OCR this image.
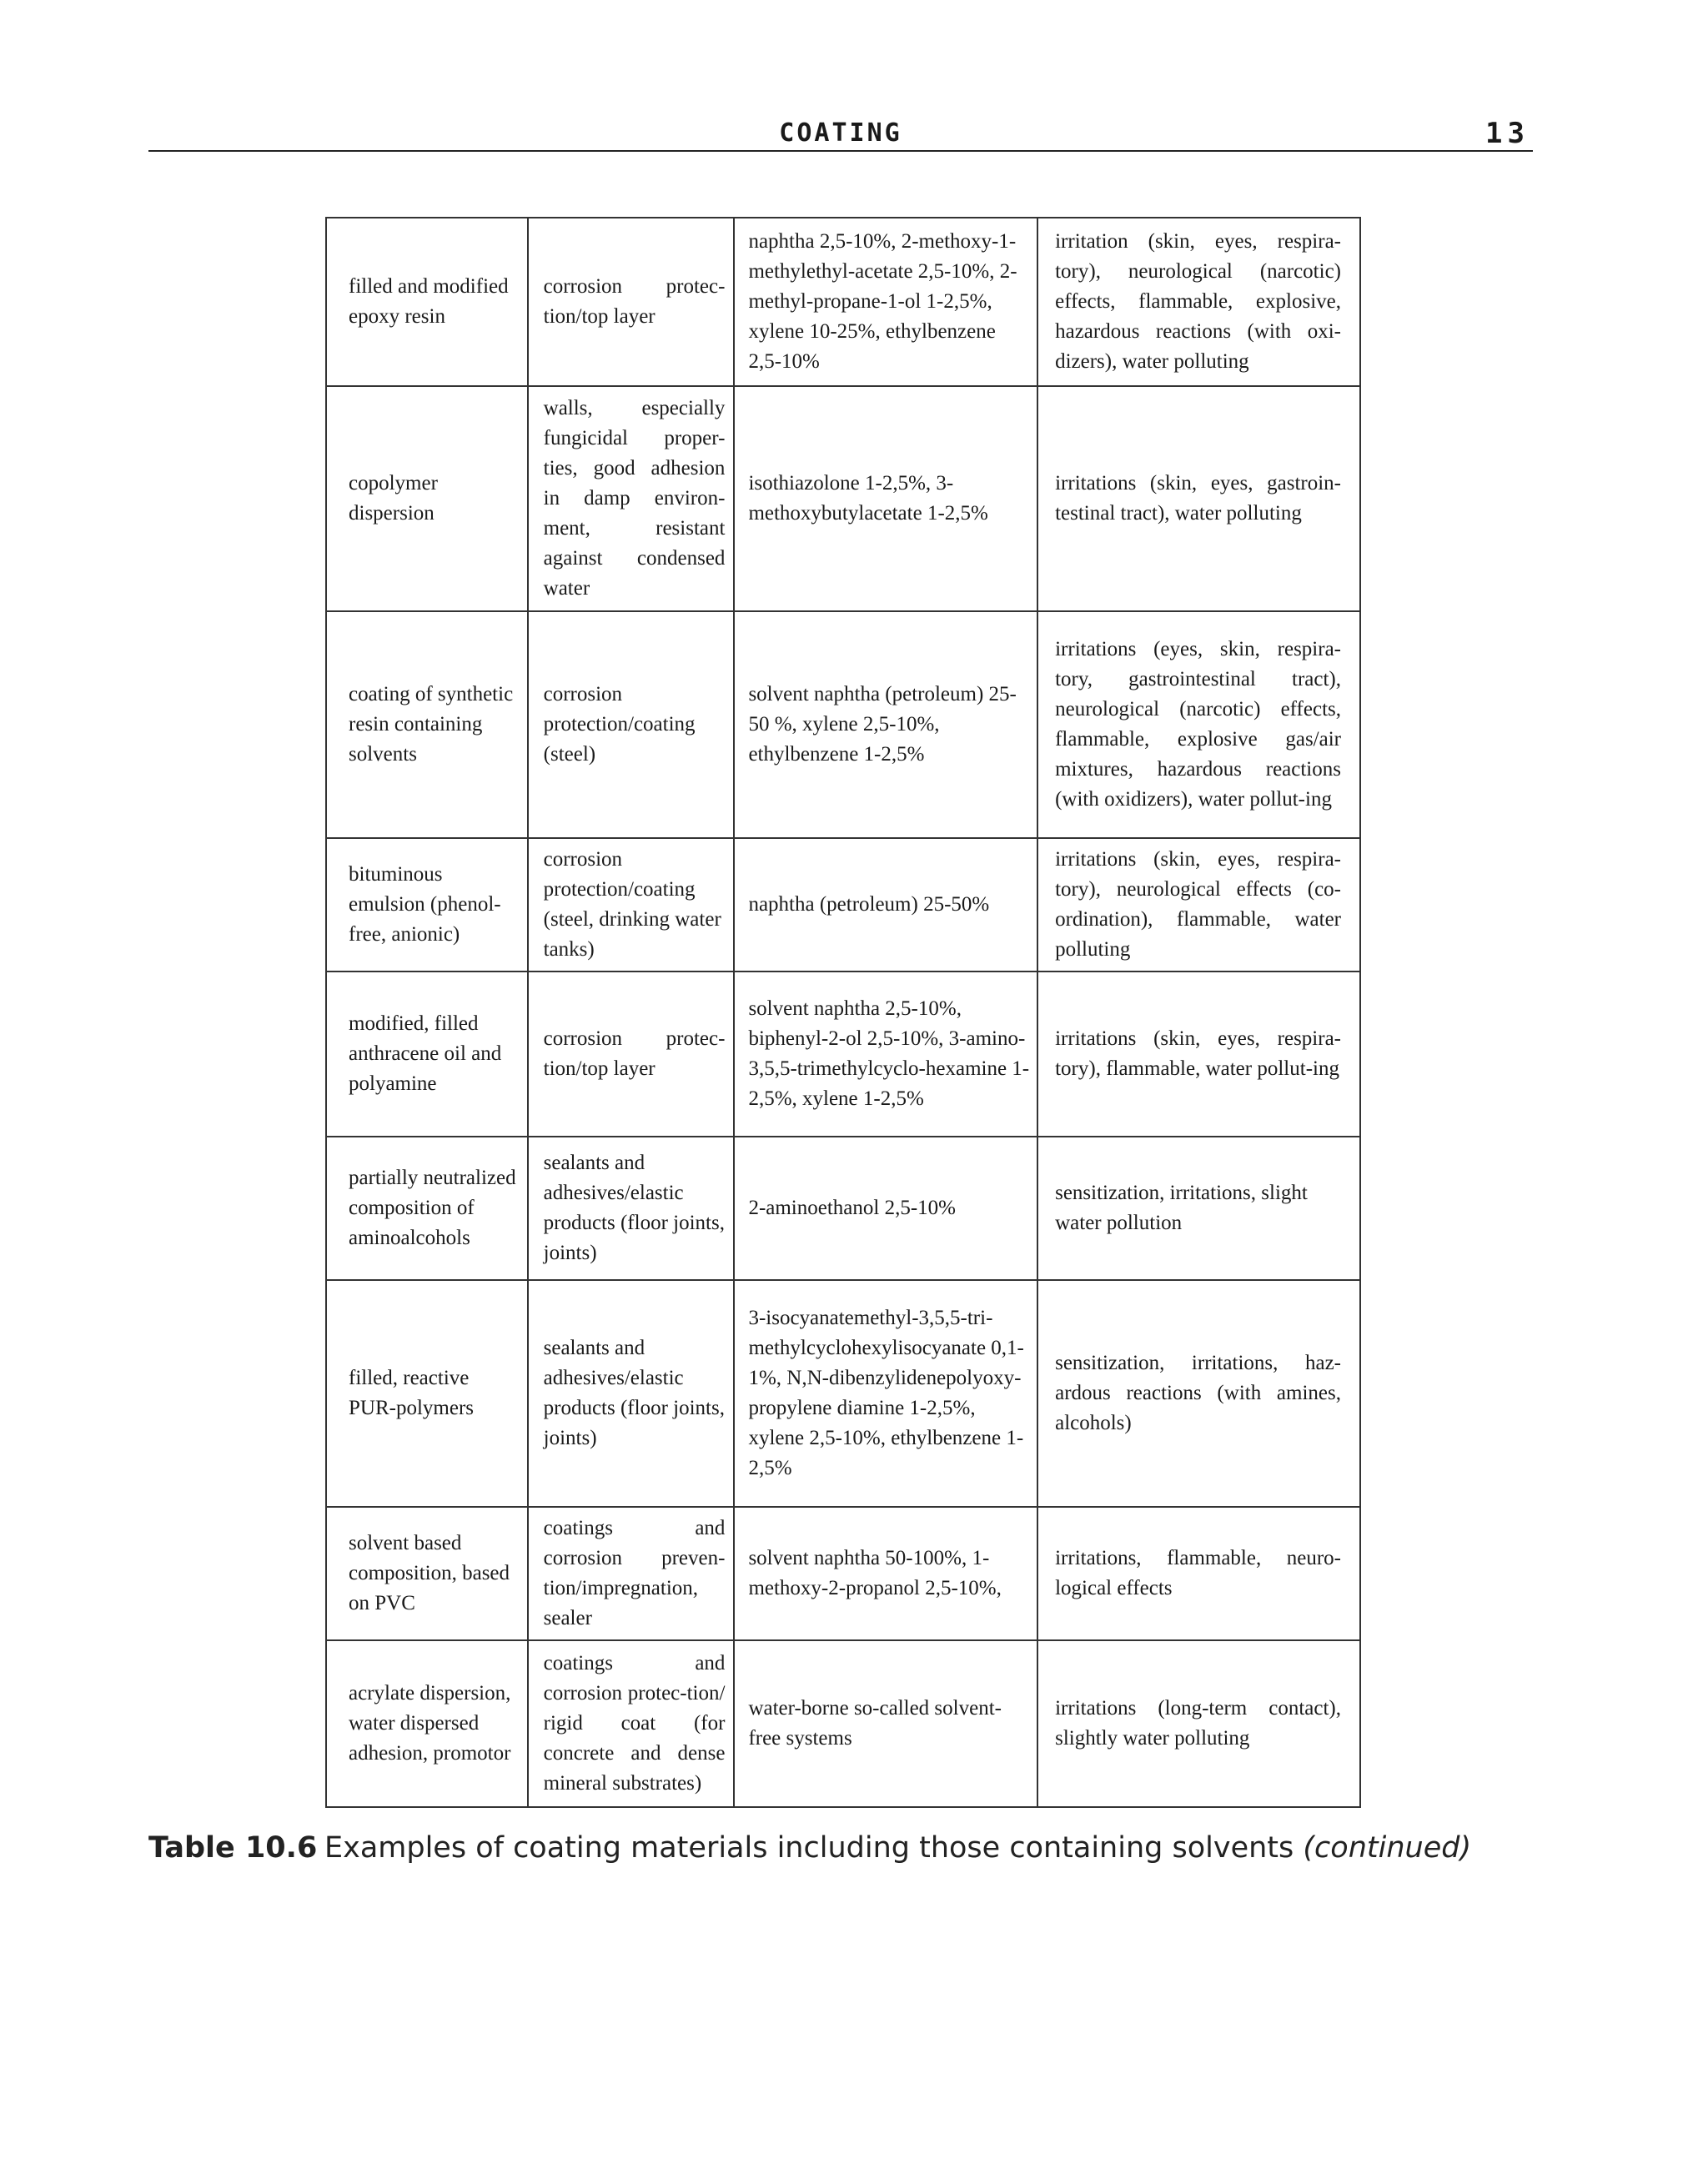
COATING	13
filled and modified epoxy resin	corrosion protec-tion/top layer	naphtha 2,5-10%, 2-methoxy-1-methylethyl-acetate 2,5-10%, 2-methyl-propane-1-ol 1-2,5%, xylene 10-25%, ethylbenzene 2,5-10%	irritation (skin, eyes, respira-tory), neurological (narcotic) effects, flammable, explosive, hazardous reactions (with oxi-dizers), water polluting
copolymer dispersion	walls, especially fungicidal proper-ties, good adhesion in damp environ-ment, resistant against condensed water	isothiazolone 1-2,5%, 3-methoxybutylacetate 1-2,5%	irritations (skin, eyes, gastroin-testinal tract), water polluting
coating of synthetic resin containing solvents	corrosion protection/coating (steel)	solvent naphtha (petroleum) 25-50 %, xylene 2,5-10%, ethylbenzene 1-2,5%	irritations (eyes, skin, respira-tory, gastrointestinal tract), neurological (narcotic) effects, flammable, explosive gas/air mixtures, hazardous reactions (with oxidizers), water pollut-ing
bituminous emulsion (phenol-free, anionic)	corrosion protection/coating (steel, drinking water tanks)	naphtha (petroleum) 25-50%	irritations (skin, eyes, respira-tory), neurological effects (co-ordination), flammable, water polluting
modified, filled anthracene oil and polyamine	corrosion protec-tion/top layer	solvent naphtha 2,5-10%, biphenyl-2-ol 2,5-10%, 3-amino-3,5,5-trimethylcyclo-hexamine 1-2,5%, xylene 1-2,5%	irritations (skin, eyes, respira-tory), flammable, water pollut-ing
partially neutralized composition of aminoalcohols	sealants and adhesives/elastic products (floor joints, joints)	2-aminoethanol 2,5-10%	sensitization, irritations, slight water pollution
filled, reactive PUR-polymers	sealants and adhesives/elastic products (floor joints, joints)	3-isocyanatemethyl-3,5,5-tri-methylcyclohexylisocyanate 0,1-1%, N,N-dibenzylidenepolyoxy-propylene diamine 1-2,5%, xylene 2,5-10%, ethylbenzene 1-2,5%	sensitization, irritations, haz-ardous reactions (with amines, alcohols)
solvent based composition, based on PVC	coatings and corrosion preven-tion/impregnation, sealer	solvent naphtha 50-100%, 1-methoxy-2-propanol 2,5-10%,	irritations, flammable, neuro-logical effects
acrylate dispersion, water dispersed adhesion, promotor	coatings and corrosion protec-tion/ rigid coat (for concrete and dense mineral substrates)	water-borne so-called solvent-free systems	irritations (long-term contact), slightly water polluting
Table 10.6 Examples of coating materials including those containing solvents (continued)
